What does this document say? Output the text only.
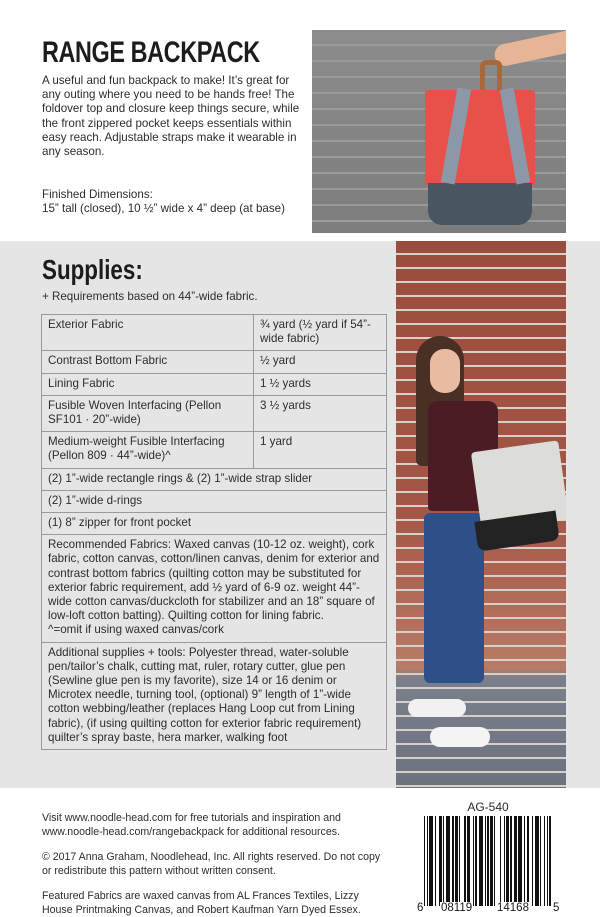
RANGE BACKPACK

A useful and fun backpack to make! It’s great for any outing where you need to be hands free! The foldover top and closure keep things secure, while the front zippered pocket keeps essentials within easy reach. Adjustable straps make it wearable in any season.

Finished Dimensions:
15” tall (closed), 10 ½” wide x 4” deep (at base)
Supplies:
+ Requirements based on 44”-wide fabric.
Exterior Fabric	¾ yard (½ yard if 54”-wide fabric)
Contrast Bottom Fabric	½ yard
Lining Fabric	1 ½ yards
Fusible Woven Interfacing (Pellon SF101 · 20”-wide)	3 ½ yards
Medium-weight Fusible Interfacing (Pellon 809 · 44”-wide)^	1 yard
(2) 1”-wide rectangle rings & (2) 1”-wide strap slider	
(2) 1”-wide d-rings	
(1) 8” zipper for front pocket	

Recommended Fabrics: Waxed canvas (10-12 oz. weight), cork fabric, cotton canvas, cotton/linen canvas, denim for exterior and contrast bottom fabrics (quilting cotton may be substituted for exterior fabric requirement, add ½ yard of 6-9 oz. weight 44”-wide cotton canvas/duckcloth for stabilizer and an 18” square of low-loft cotton batting). Quilting cotton for lining fabric.
^=omit if using waxed canvas/cork	

Additional supplies + tools: Polyester thread, water-soluble pen/tailor’s chalk, cutting mat, ruler, rotary cutter, glue pen (Sewline glue pen is my favorite), size 14 or 16 denim or Microtex needle, turning tool, (optional) 9” length of 1”-wide cotton webbing/leather (replaces Hang Loop cut from Lining fabric), (if using quilting cotton for exterior fabric requirement) quilter’s spray baste, hera marker, walking foot	

Visit www.noodle-head.com for free tutorials and inspiration and www.noodle-head.com/rangebackpack for additional resources.

© 2017 Anna Graham, Noodlehead, Inc. All rights reserved. Do not copy or redistribute this pattern without written consent.

Featured Fabrics are waxed canvas from AL Frances Textiles, Lizzy House Printmaking Canvas, and Robert Kaufman Yarn Dyed Essex.

AG-540
6 08119 14168 5
